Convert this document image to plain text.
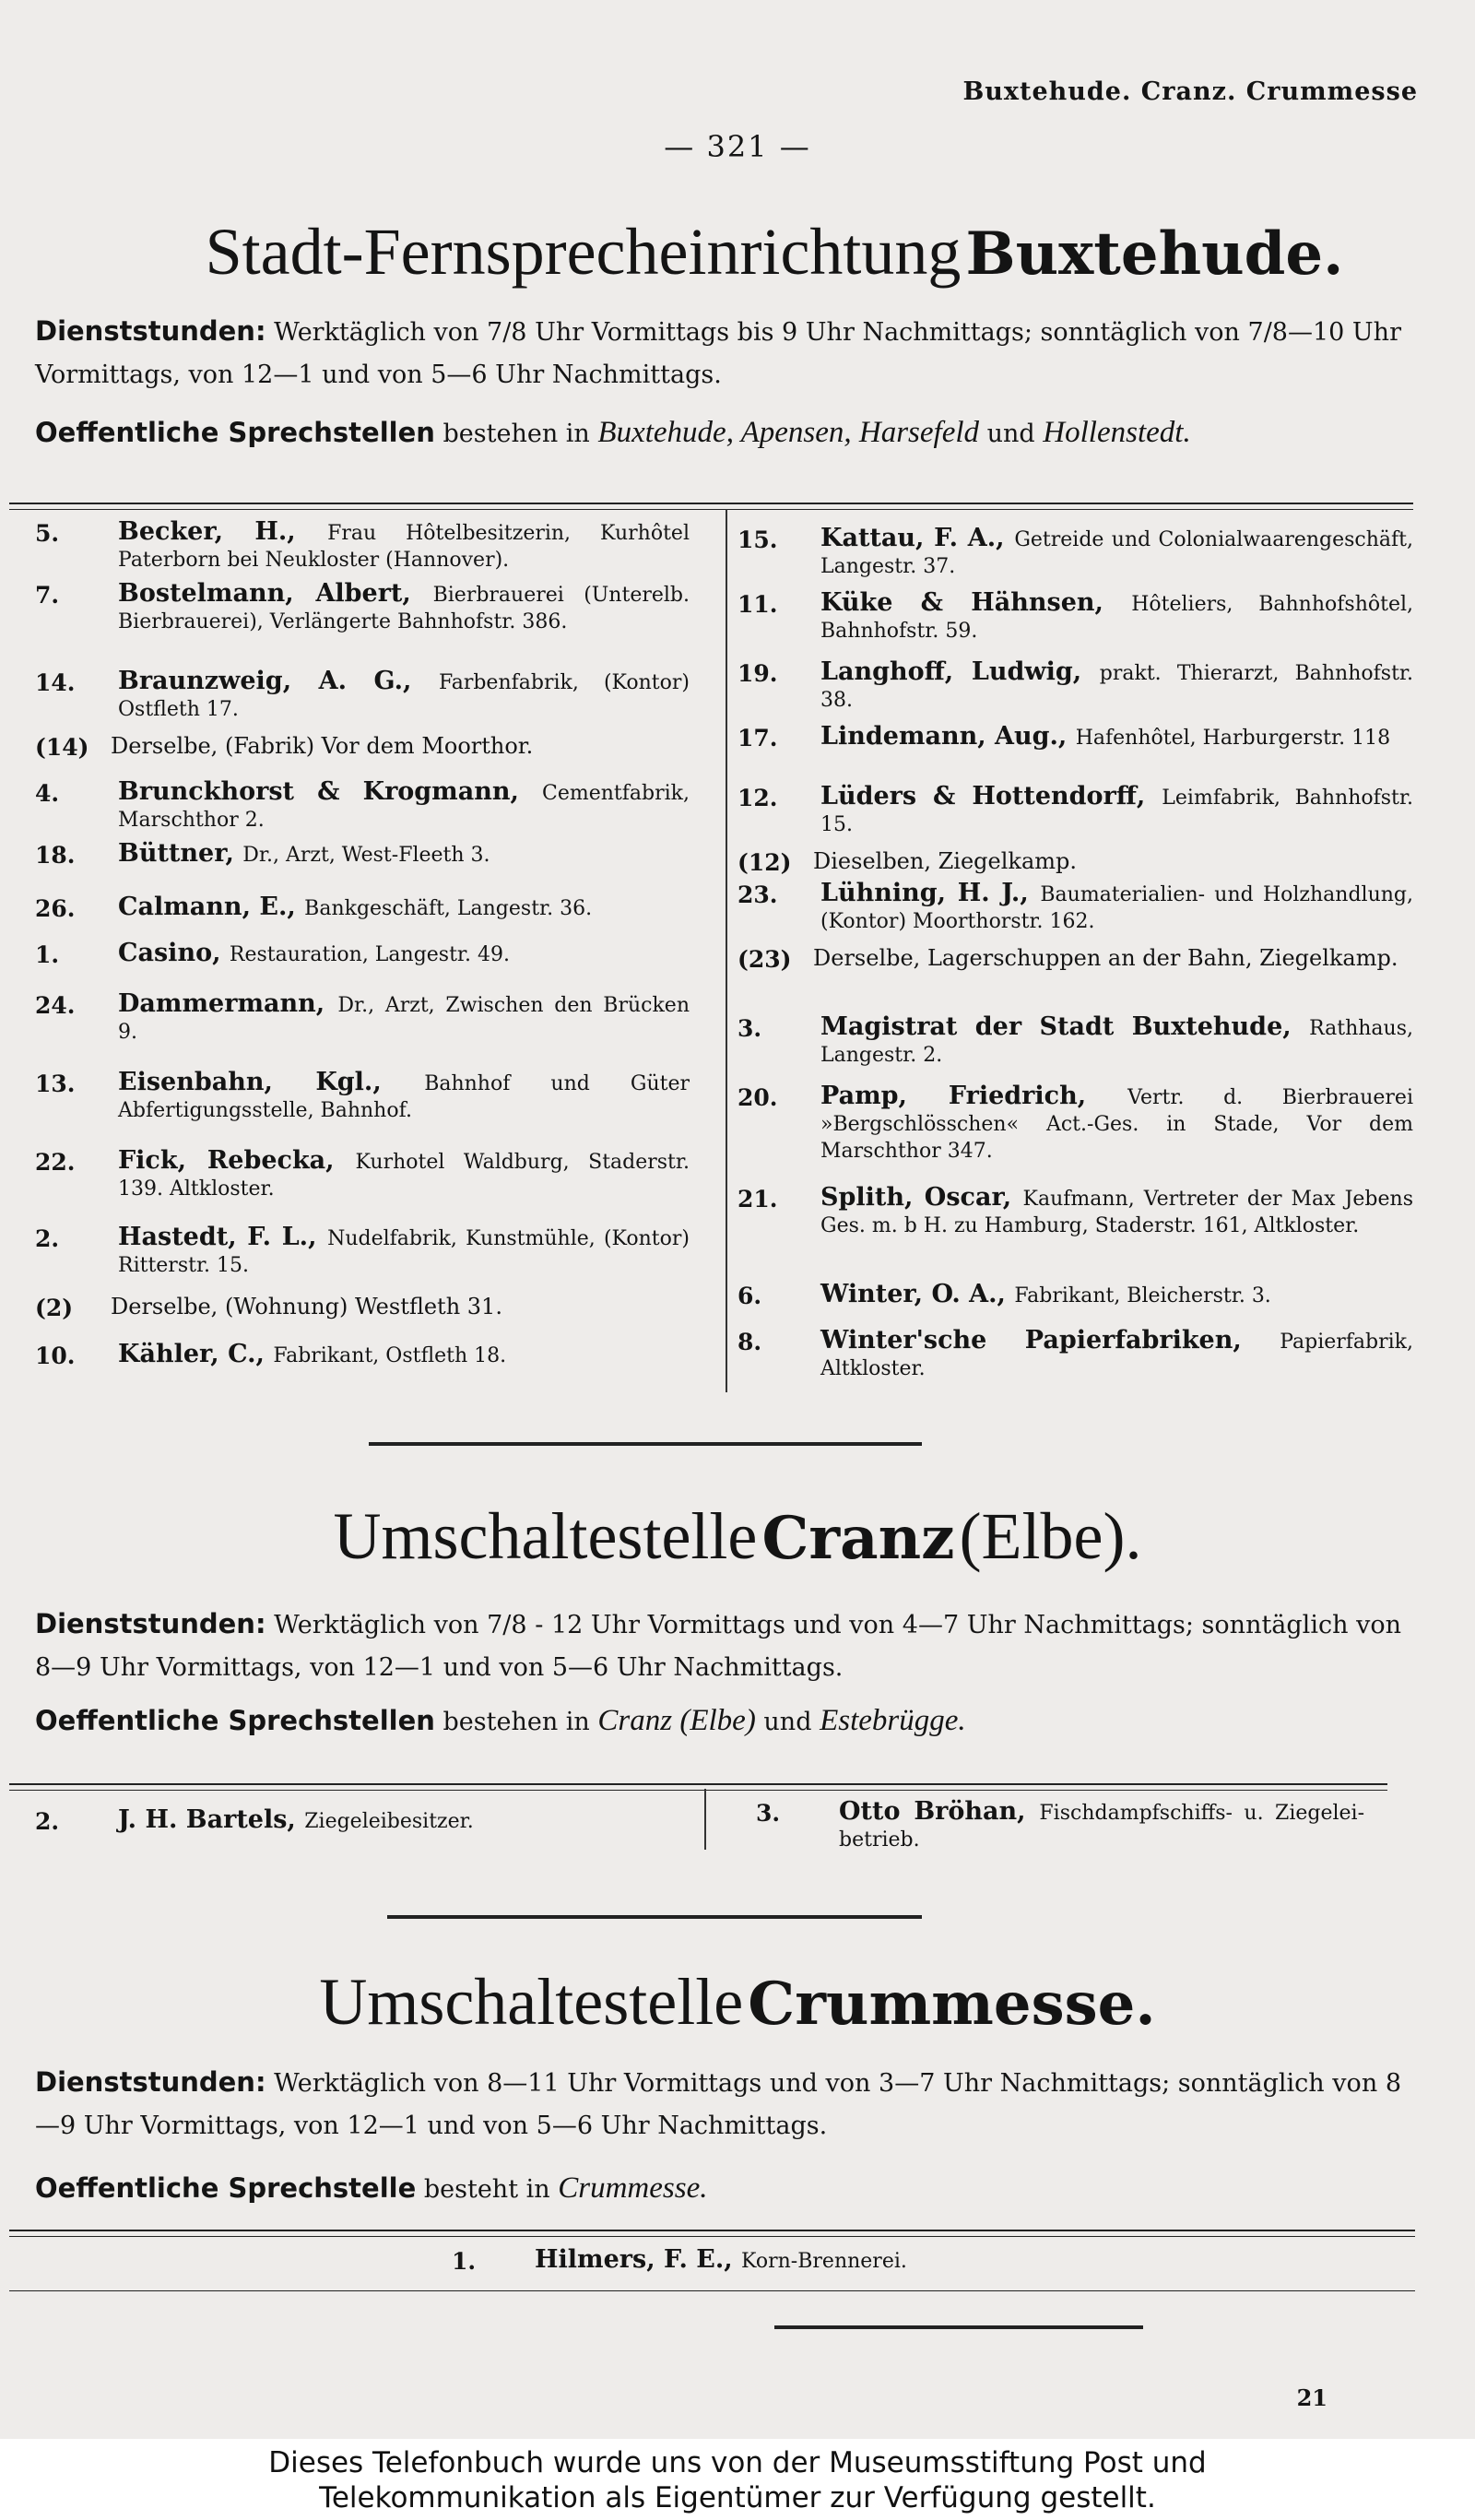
Buxtehude. Cranz. Crummesse
— 321 —
Stadt-Fernsprecheinrichtung Buxtehude.
Dienststunden: Werktäglich von 7/8 Uhr Vormittags bis 9 Uhr Nachmittags; sonntäglich von 7/8—10 Uhr Vormittags, von 12—1 und von 5—6 Uhr Nachmittags.
Oeffentliche Sprechstellen bestehen in Buxtehude, Apensen, Harsefeld und Hollenstedt.
5. Becker, H., Frau Hôtelbesitzerin, Kurhôtel Paterborn bei Neukloster (Hannover).
7. Bostelmann, Albert, Bierbrauerei (Unterelb. Bierbrauerei), Verlängerte Bahnhofstr. 386.
14. Braunzweig, A. G., Farbenfabrik, (Kontor) Ostfleth 17.
(14) Derselbe, (Fabrik) Vor dem Moorthor.
4. Brunckhorst & Krogmann, Cementfabrik, Marschthor 2.
18. Büttner, Dr., Arzt, West-Fleeth 3.
26. Calmann, E., Bankgeschäft, Langestr. 36.
1. Casino, Restauration, Langestr. 49.
24. Dammermann, Dr., Arzt, Zwischen den Brücken 9.
13. Eisenbahn, Kgl., Bahnhof und Güter Abfertigungsstelle, Bahnhof.
22. Fick, Rebecka, Kurhotel Waldburg, Staderstr. 139. Altkloster.
2. Hastedt, F. L., Nudelfabrik, Kunstmühle, (Kontor) Ritterstr. 15.
(2) Derselbe, (Wohnung) Westfleth 31.
10. Kähler, C., Fabrikant, Ostfleth 18.
15. Kattau, F. A., Getreide und Colonialwaarengeschäft, Langestr. 37.
11. Küke & Hähnsen, Hôteliers, Bahnhofshôtel, Bahnhofstr. 59.
19. Langhoff, Ludwig, prakt. Thierarzt, Bahnhofstr. 38.
17. Lindemann, Aug., Hafenhôtel, Harburgerstr. 118
12. Lüders & Hottendorff, Leimfabrik, Bahnhofstr. 15.
(12) Dieselben, Ziegelkamp.
23. Lühning, H. J., Baumaterialien- und Holzhandlung, (Kontor) Moorthorstr. 162.
(23) Derselbe, Lagerschuppen an der Bahn, Ziegelkamp.
3. Magistrat der Stadt Buxtehude, Rathhaus, Langestr. 2.
20. Pamp, Friedrich, Vertr. d. Bierbrauerei »Bergschlösschen« Act.-Ges. in Stade, Vor dem Marschthor 347.
21. Splith, Oscar, Kaufmann, Vertreter der Max Jebens Ges. m. b H. zu Hamburg, Staderstr. 161, Altkloster.
6. Winter, O. A., Fabrikant, Bleicherstr. 3.
8. Winter'sche Papierfabriken, Papierfabrik, Altkloster.
Umschaltestelle Cranz (Elbe).
Dienststunden: Werktäglich von 7/8 - 12 Uhr Vormittags und von 4—7 Uhr Nachmittags; sonntäglich von 8—9 Uhr Vormittags, von 12—1 und von 5—6 Uhr Nachmittags.
Oeffentliche Sprechstellen bestehen in Cranz (Elbe) und Estebrügge.
2. J. H. Bartels, Ziegeleibesitzer.	3. Otto Bröhan, Fischdampfschiffs- u. Ziegelei-betrieb.
Umschaltestelle Crummesse.
Dienststunden: Werktäglich von 8—11 Uhr Vormittags und von 3—7 Uhr Nachmittags; sonntäglich von 8—9 Uhr Vormittags, von 12—1 und von 5—6 Uhr Nachmittags.
Oeffentliche Sprechstelle besteht in Crummesse.
1. Hilmers, F. E., Korn-Brennerei.
21
Dieses Telefonbuch wurde uns von der Museumsstiftung Post und
Telekommunikation als Eigentümer zur Verfügung gestellt.
